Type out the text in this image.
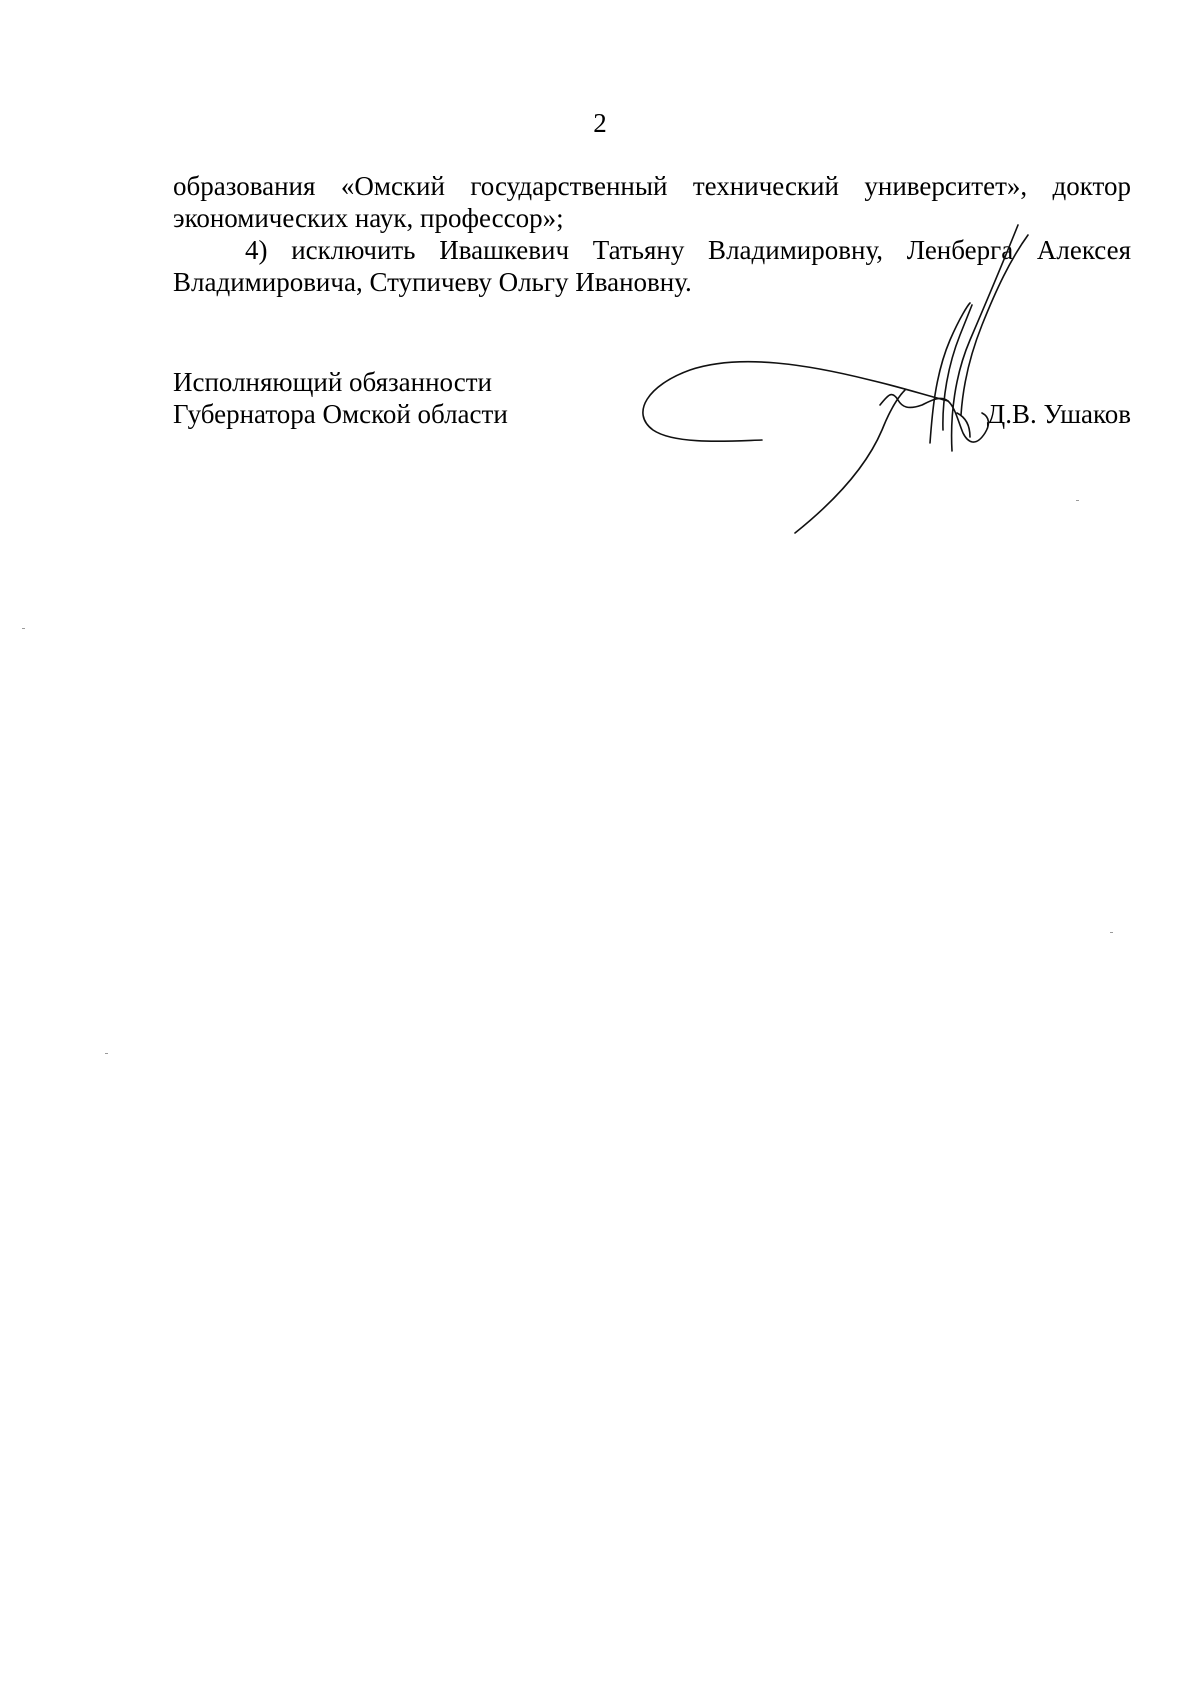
2

образования «Омский государственный технический университет», доктор
экономических наук, профессор»;

4) исключить Ивашкевич Татьяну Владимировну, Ленберга Алексея
Владимировича, Ступичеву Ольгу Ивановну.

Исполняющий обязанности
Губернатора Омской области	Д.В. Ушаков
